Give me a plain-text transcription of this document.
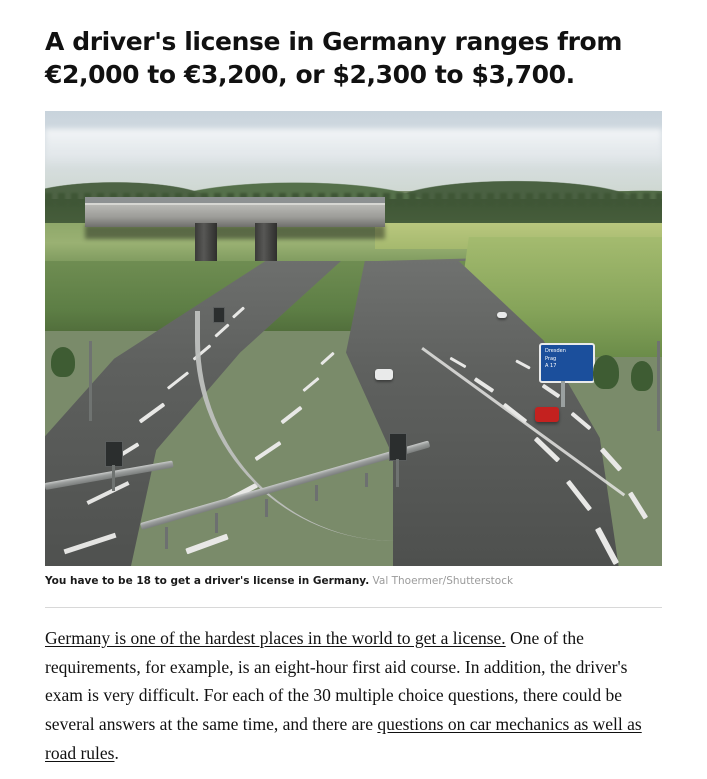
A driver's license in Germany ranges from €2,000 to €3,200, or $2,300 to $3,700.
Dresden
Prag
A 17
You have to be 18 to get a driver's license in Germany. Val Thoermer/Shutterstock

Germany is one of the hardest places in the world to get a license. One of the requirements, for example, is an eight-hour first aid course. In addition, the driver's exam is very difficult. For each of the 30 multiple choice questions, there could be several answers at the same time, and there are questions on car mechanics as well as road rules.
